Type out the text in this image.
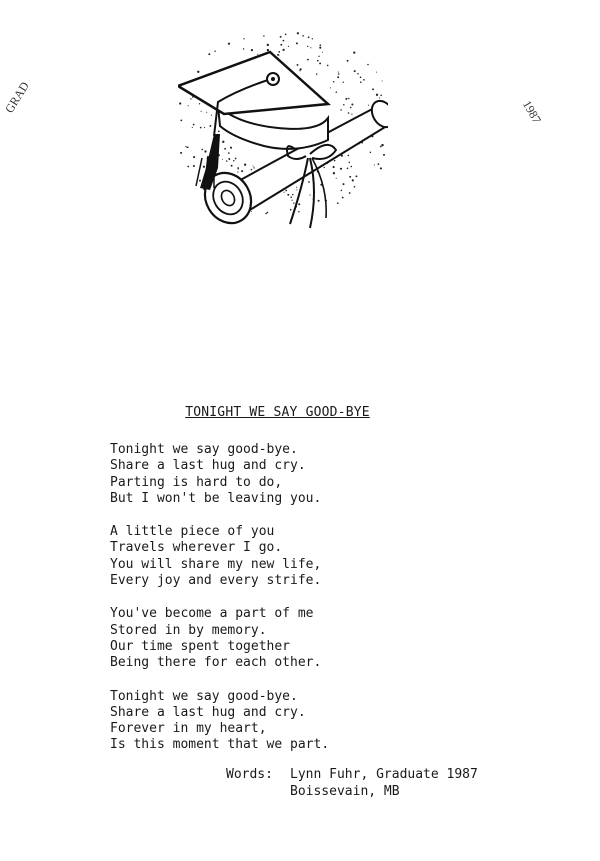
GRAD	1987
TONIGHT WE SAY GOOD-BYE
Tonight we say good-bye.
Share a last hug and cry.
Parting is hard to do,
But I won't be leaving you.
A little piece of you
Travels wherever I go.
You will share my new life,
Every joy and every strife.
You've become a part of me
Stored in by memory.
Our time spent together
Being there for each other.
Tonight we say good-bye.
Share a last hug and cry.
Forever in my heart,
Is this moment that we part.
Words:	Lynn Fuhr, Graduate 1987
Boissevain, MB
